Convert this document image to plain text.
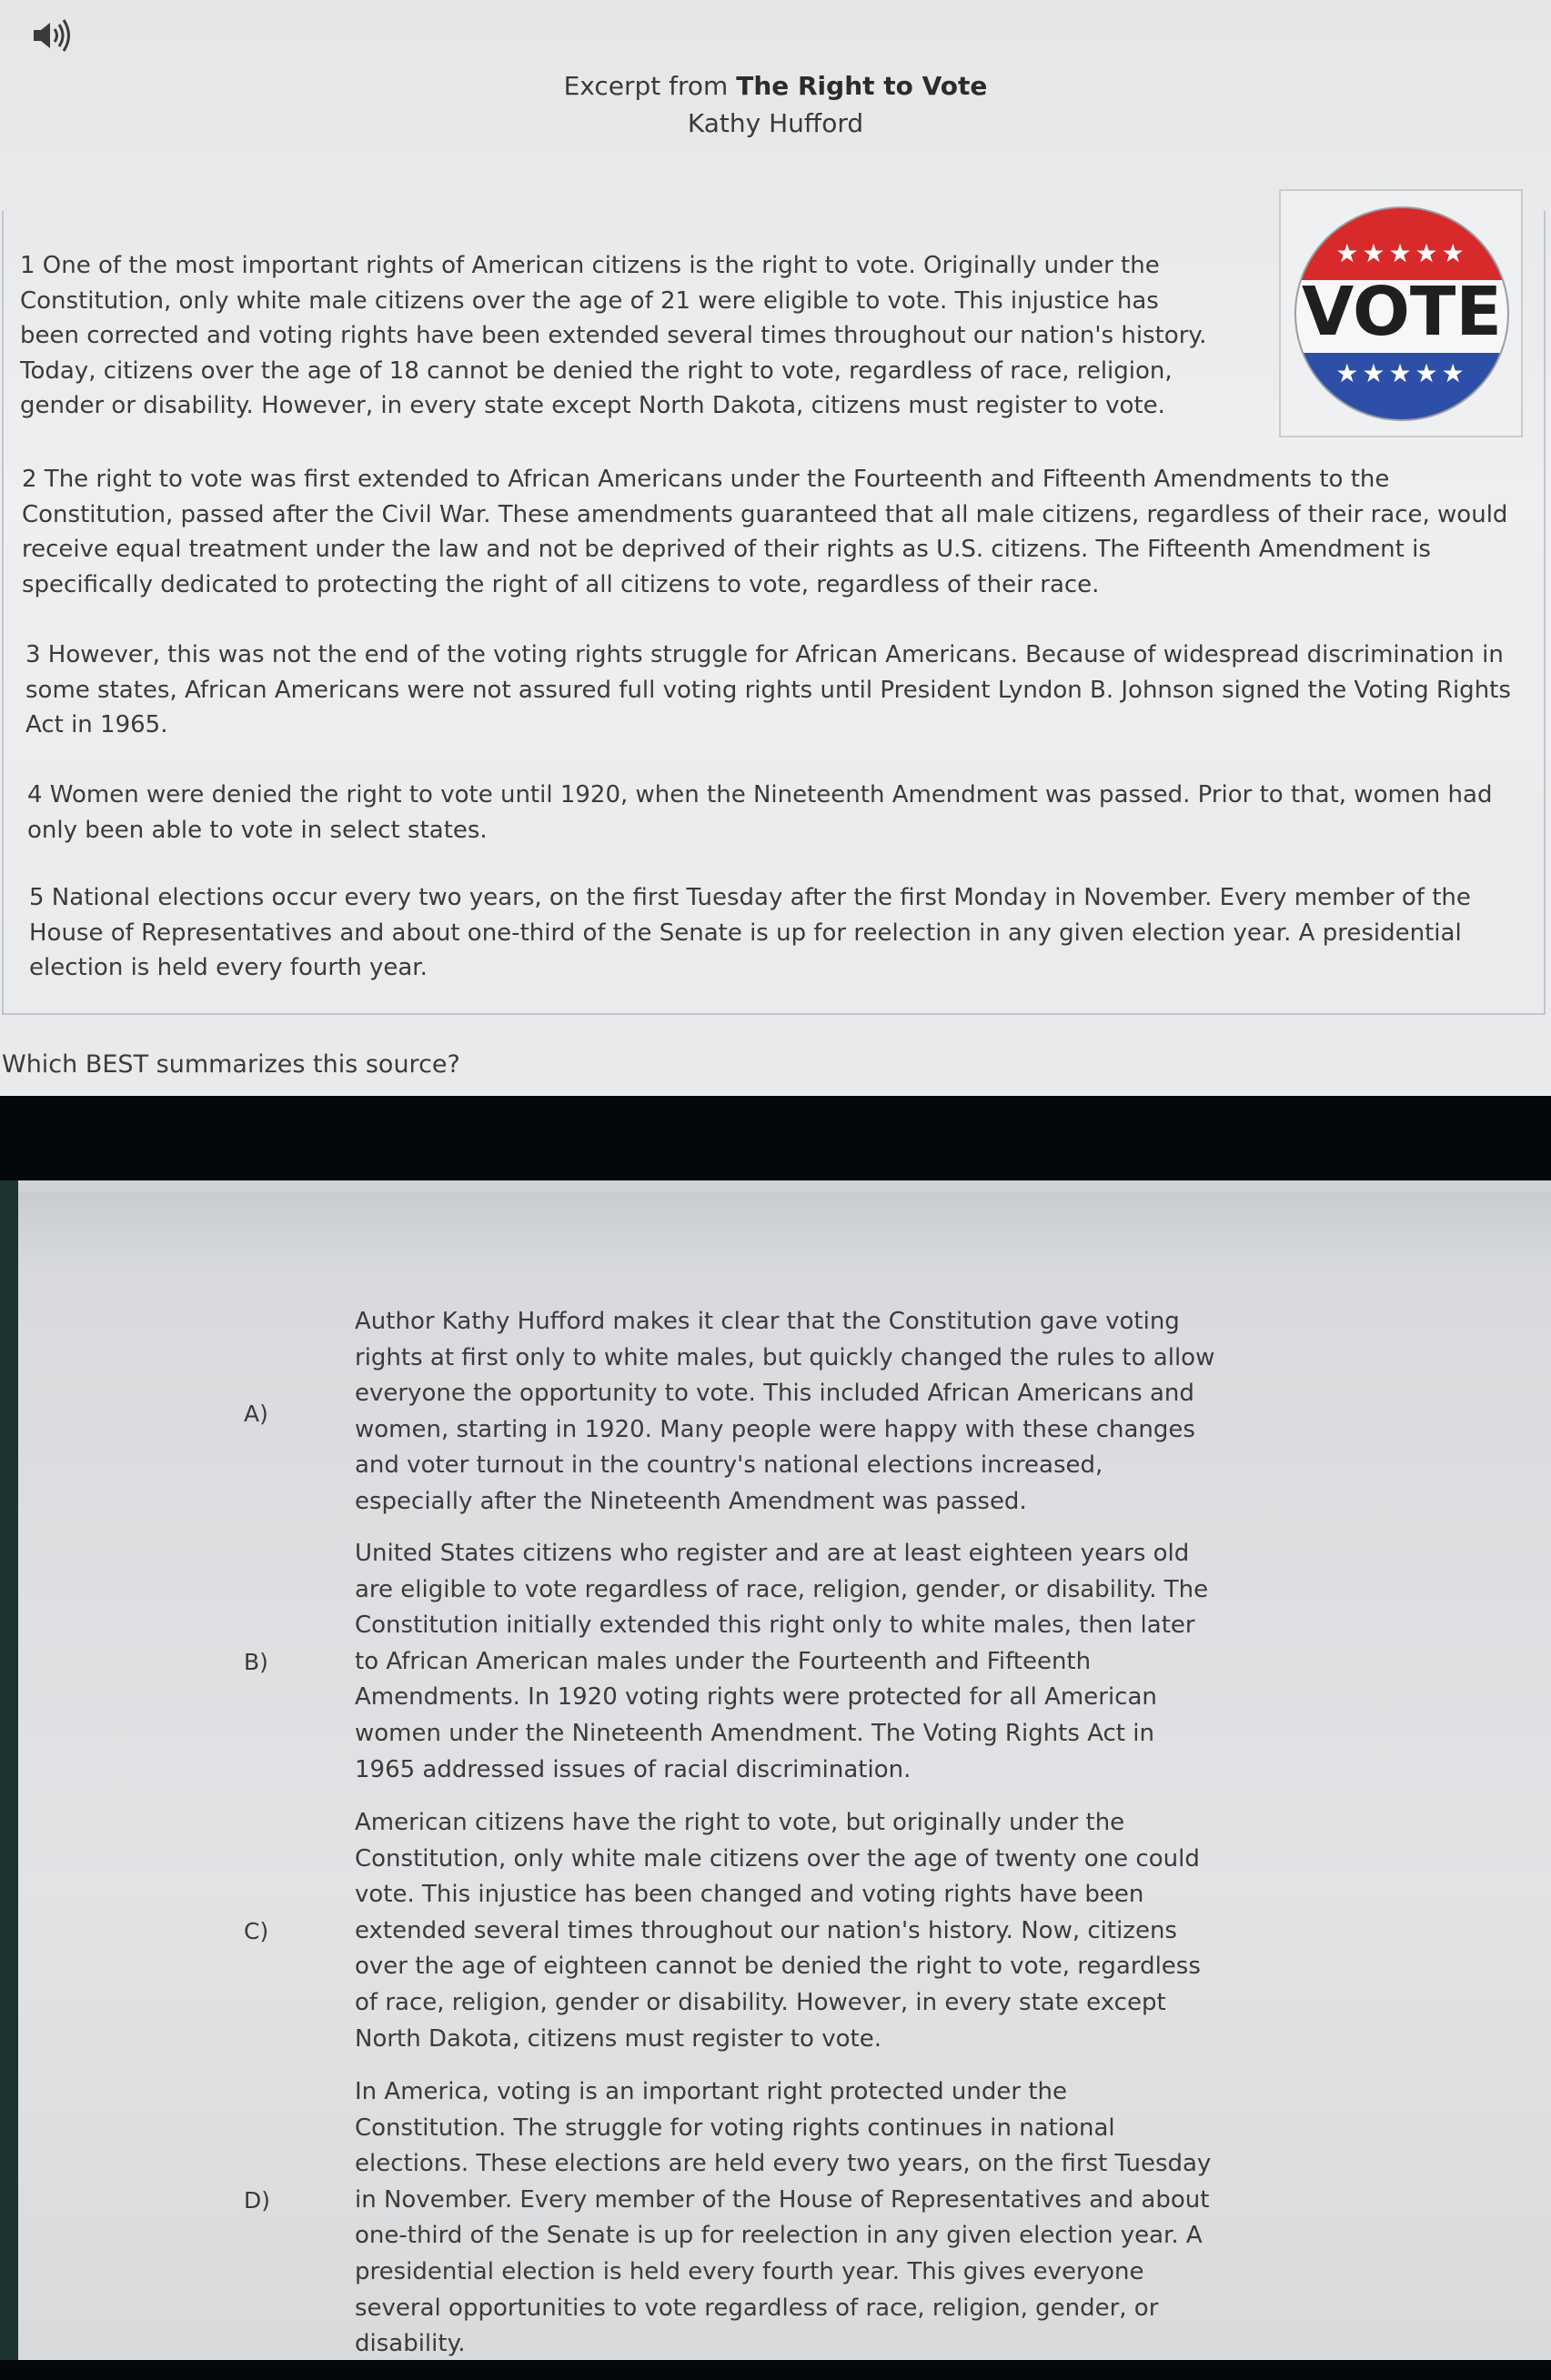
Excerpt from The Right to Vote
Kathy Hufford
1 One of the most important rights of American citizens is the right to vote. Originally under the Constitution, only white male citizens over the age of 21 were eligible to vote. This injustice has been corrected and voting rights have been extended several times throughout our nation's history. Today, citizens over the age of 18 cannot be denied the right to vote, regardless of race, religion, gender or disability. However, in every state except North Dakota, citizens must register to vote.
2 The right to vote was first extended to African Americans under the Fourteenth and Fifteenth Amendments to the Constitution, passed after the Civil War. These amendments guaranteed that all male citizens, regardless of their race, would receive equal treatment under the law and not be deprived of their rights as U.S. citizens. The Fifteenth Amendment is specifically dedicated to protecting the right of all citizens to vote, regardless of their race.
3 However, this was not the end of the voting rights struggle for African Americans. Because of widespread discrimination in some states, African Americans were not assured full voting rights until President Lyndon B. Johnson signed the Voting Rights Act in 1965.
4 Women were denied the right to vote until 1920, when the Nineteenth Amendment was passed. Prior to that, women had only been able to vote in select states.
5 National elections occur every two years, on the first Tuesday after the first Monday in November. Every member of the House of Representatives and about one-third of the Senate is up for reelection in any given election year. A presidential election is held every fourth year.
★★★★★
VOTE
★★★★★
Which BEST summarizes this source?
A)
Author Kathy Hufford makes it clear that the Constitution gave voting rights at first only to white males, but quickly changed the rules to allow everyone the opportunity to vote. This included African Americans and women, starting in 1920. Many people were happy with these changes and voter turnout in the country's national elections increased, especially after the Nineteenth Amendment was passed.
B)
United States citizens who register and are at least eighteen years old are eligible to vote regardless of race, religion, gender, or disability. The Constitution initially extended this right only to white males, then later to African American males under the Fourteenth and Fifteenth Amendments. In 1920 voting rights were protected for all American women under the Nineteenth Amendment. The Voting Rights Act in 1965 addressed issues of racial discrimination.
C)
American citizens have the right to vote, but originally under the Constitution, only white male citizens over the age of twenty one could vote. This injustice has been changed and voting rights have been extended several times throughout our nation's history. Now, citizens over the age of eighteen cannot be denied the right to vote, regardless of race, religion, gender or disability. However, in every state except North Dakota, citizens must register to vote.
D)
In America, voting is an important right protected under the Constitution. The struggle for voting rights continues in national elections. These elections are held every two years, on the first Tuesday in November. Every member of the House of Representatives and about one-third of the Senate is up for reelection in any given election year. A presidential election is held every fourth year. This gives everyone several opportunities to vote regardless of race, religion, gender, or disability.
